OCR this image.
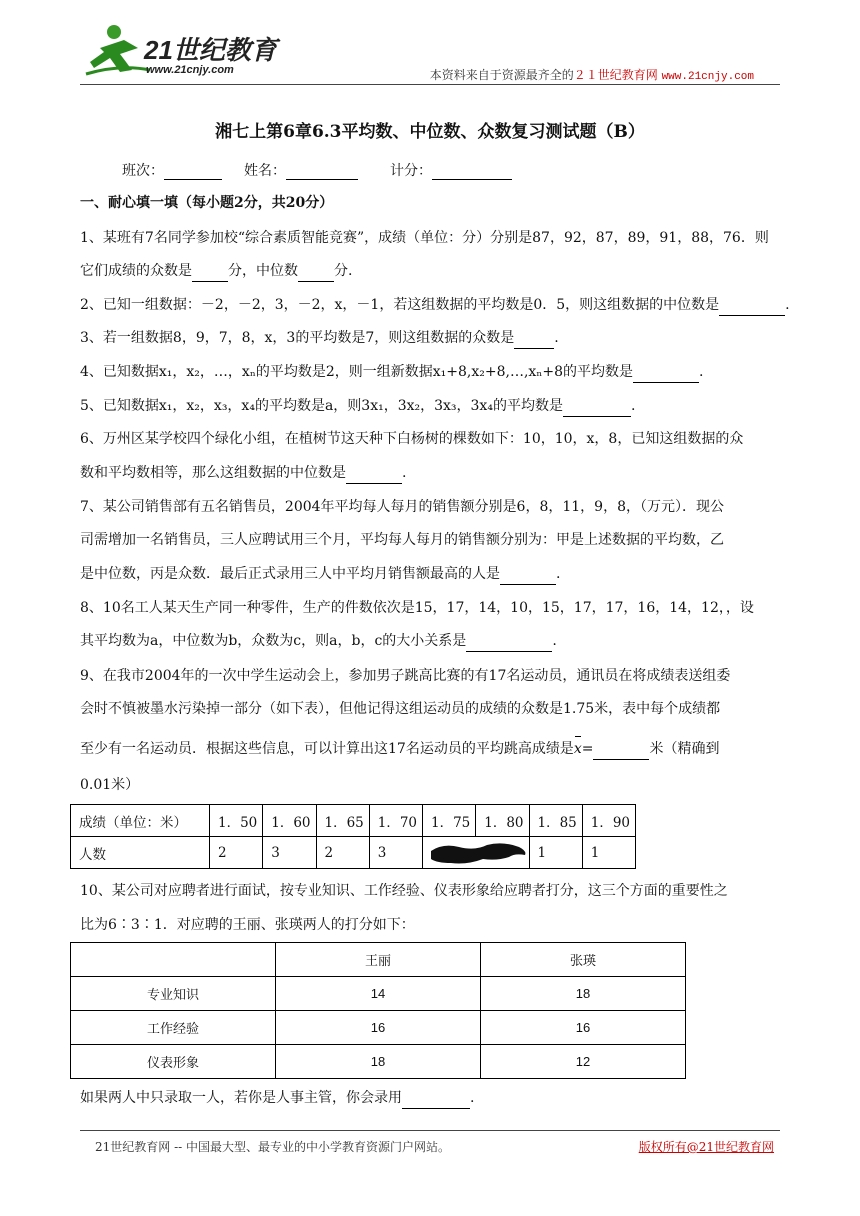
21世纪教育
www.21cnjy.com	本资料来自于资源最齐全的２１世纪教育网 www.21cnjy.com
湘七上第6章6.3平均数、中位数、众数复习测试题（B）
班次：	姓名：	计分：
一、耐心填一填（每小题2分，共20分）
1、某班有7名同学参加校“综合素质智能竞赛”，成绩（单位：分）分别是87，92，87，89，91，88，76．则
它们成绩的众数是	分，中位数	分.
2、已知一组数据：－2，－2，3，－2，x，－1，若这组数据的平均数是0．5，则这组数据的中位数是	.
3、若一组数据8，9，7，8，x，3的平均数是7，则这组数据的众数是	.
4、已知数据x₁，x₂，…，xₙ的平均数是2，则一组新数据x₁+8,x₂+8,…,xₙ+8的平均数是	.
5、已知数据x₁，x₂，x₃，x₄的平均数是a，则3x₁，3x₂，3x₃，3x₄的平均数是	.
6、万州区某学校四个绿化小组，在植树节这天种下白杨树的棵数如下：10，10，x，8，已知这组数据的众
数和平均数相等，那么这组数据的中位数是	.
7、某公司销售部有五名销售员，2004年平均每人每月的销售额分别是6，8，11，9，8，（万元）．现公
司需增加一名销售员，三人应聘试用三个月，平均每人每月的销售额分别为：甲是上述数据的平均数，乙
是中位数，丙是众数．最后正式录用三人中平均月销售额最高的人是	.
8、10名工人某天生产同一种零件，生产的件数依次是15，17，14，10，15，17，17，16，14，12，，设
其平均数为a，中位数为b，众数为c，则a，b，c的大小关系是	.
9、在我市2004年的一次中学生运动会上，参加男子跳高比赛的有17名运动员，通讯员在将成绩表送组委
会时不慎被墨水污染掉一部分（如下表），但他记得这组运动员的成绩的众数是1.75米，表中每个成绩都
至少有一名运动员．根据这些信息，可以计算出这17名运动员的平均跳高成绩是x=	米（精确到
0.01米）
成绩（单位：米）	1．50	1．60	1．65	1．70	1．75	1．80	1．85	1．90
人数	2	3	2	3			1	1
10、某公司对应聘者进行面试，按专业知识、工作经验、仪表形象给应聘者打分，这三个方面的重要性之
比为6∶3∶1．对应聘的王丽、张瑛两人的打分如下：
	王丽	张瑛
专业知识	14	18
工作经验	16	16
仪表形象	18	12
如果两人中只录取一人，若你是人事主管，你会录用	.
21世纪教育网 -- 中国最大型、最专业的中小学教育资源门户网站。	版权所有@21世纪教育网
